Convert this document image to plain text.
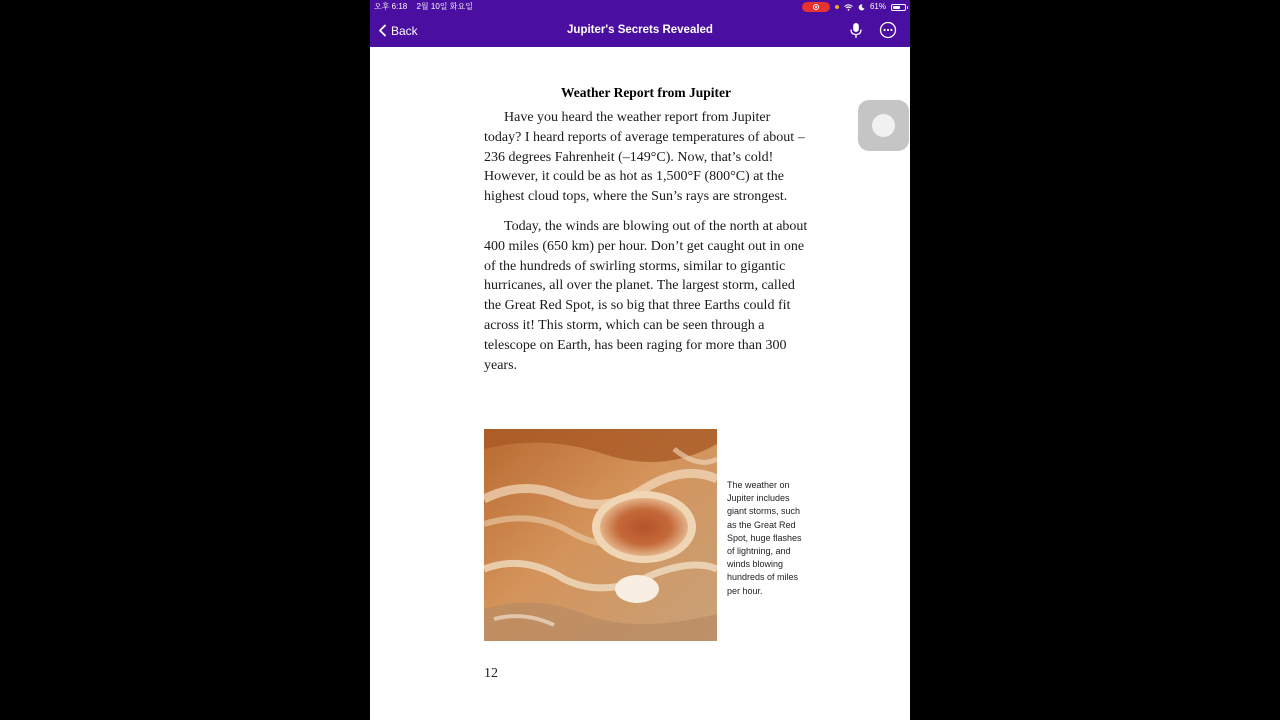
오후 6:18 2월 10일 화요일	61%
Back	Jupiter's Secrets Revealed
Weather Report from Jupiter

Have you heard the weather report from Jupiter today? I heard reports of average temperatures of about –236 degrees Fahrenheit (–149°C). Now, that’s cold! However, it could be as hot as 1,500°F (800°C) at the highest cloud tops, where the Sun’s rays are strongest.

Today, the winds are blowing out of the north at about 400 miles (650 km) per hour. Don’t get caught out in one of the hundreds of swirling storms, similar to gigantic hurricanes, all over the planet. The largest storm, called the Great Red Spot, is so big that three Earths could fit across it! This storm, which can be seen through a telescope on Earth, has been raging for more than 300 years.

The weather on Jupiter includes giant storms, such as the Great Red Spot, huge flashes of lightning, and winds blowing hundreds of miles per hour.
12
